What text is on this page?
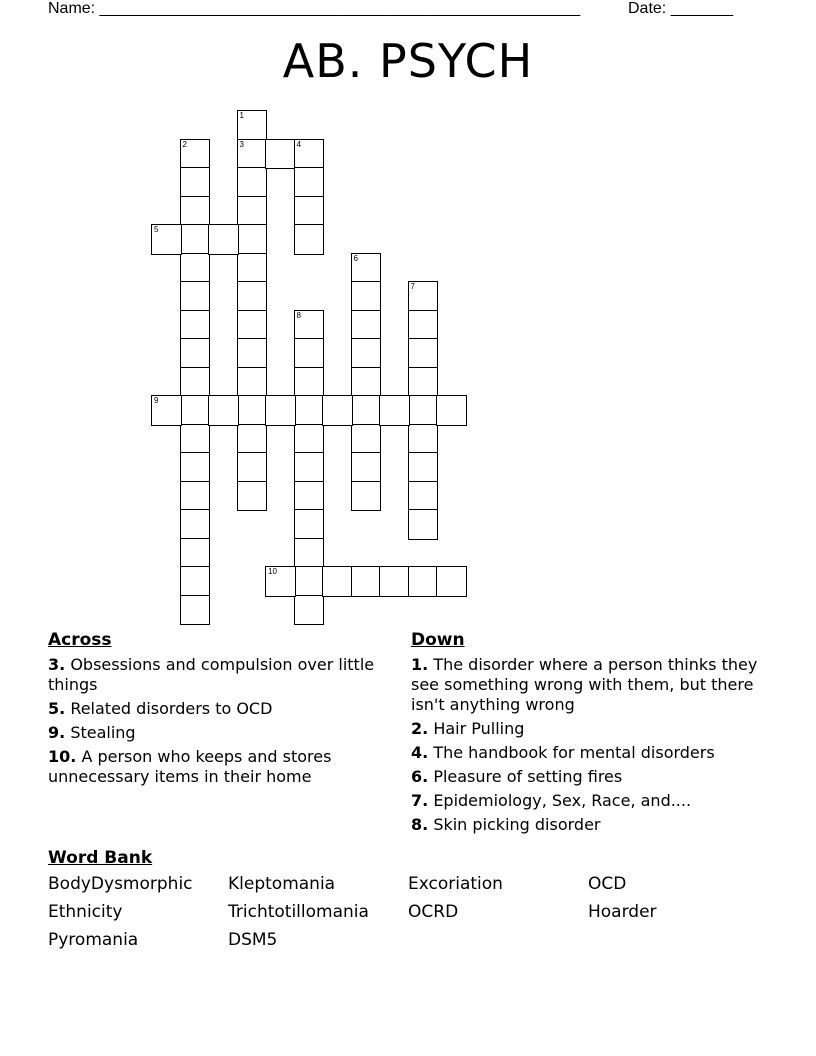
Name: ______________________________________________________	Date: _______
AB. PSYCH
1
3
2	4
5
6
7
8
9
10
Across
3. Obsessions and compulsion over little things
5. Related disorders to OCD
9. Stealing
10. A person who keeps and stores unnecessary items in their home
Down
1. The disorder where a person thinks they see something wrong with them, but there isn't anything wrong
2. Hair Pulling
4. The handbook for mental disorders
6. Pleasure of setting fires
7. Epidemiology, Sex, Race, and....
8. Skin picking disorder
Word Bank
BodyDysmorphic	Kleptomania	Excoriation	OCD
Ethnicity	Trichtotillomania	OCRD	Hoarder
Pyromania	DSM5
